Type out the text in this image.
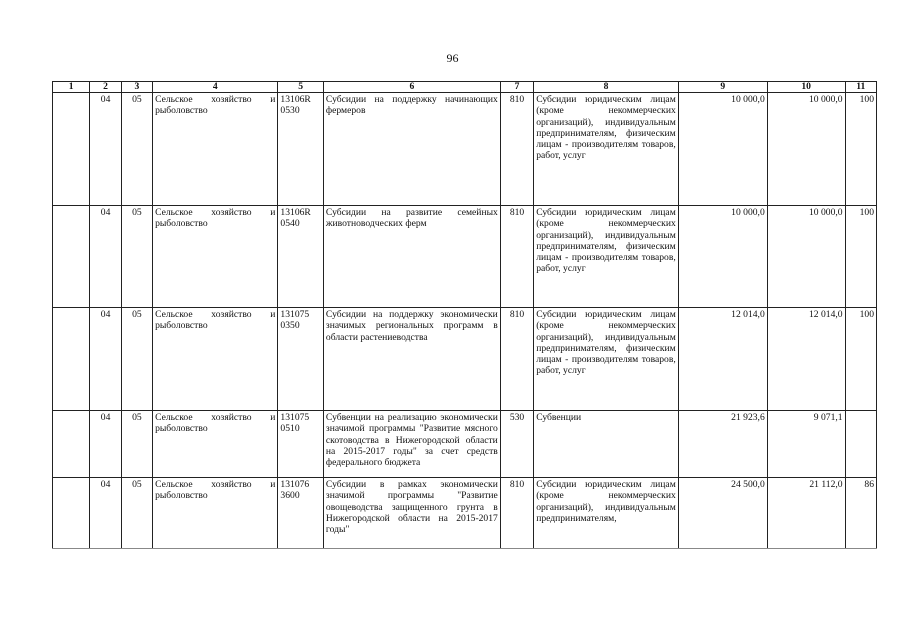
96
1	2	3	4	5	6	7	8	9	10	11
	04	05	Сельское хозяйство и рыболовство	13106R 0530	Субсидии на поддержку начинающих фермеров	810	Субсидии юридическим лицам (кроме некоммерческих организаций), индивидуальным предпринимателям, физическим лицам - производителям товаров, работ, услуг	10 000,0	10 000,0	100
	04	05	Сельское хозяйство и рыболовство	13106R 0540	Субсидии на развитие семейных животноводческих ферм	810	Субсидии юридическим лицам (кроме некоммерческих организаций), индивидуальным предпринимателям, физическим лицам - производителям товаров, работ, услуг	10 000,0	10 000,0	100
	04	05	Сельское хозяйство и рыболовство	131075 0350	Субсидии на поддержку экономически значимых региональных программ в области растениеводства	810	Субсидии юридическим лицам (кроме некоммерческих организаций), индивидуальным предпринимателям, физическим лицам - производителям товаров, работ, услуг	12 014,0	12 014,0	100
	04	05	Сельское хозяйство и рыболовство	131075 0510	Субвенции на реализацию экономически значимой программы "Развитие мясного скотоводства в Нижегородской области на 2015-2017 годы" за счет средств федерального бюджета	530	Субвенции	21 923,6	9 071,1	
	04	05	Сельское хозяйство и рыболовство	131076 3600	Субсидии в рамках экономически значимой программы "Развитие овощеводства защищенного грунта в Нижегородской области на 2015-2017 годы"	810	Субсидии юридическим лицам (кроме некоммерческих организаций), индивидуальным предпринимателям,	24 500,0	21 112,0	86
